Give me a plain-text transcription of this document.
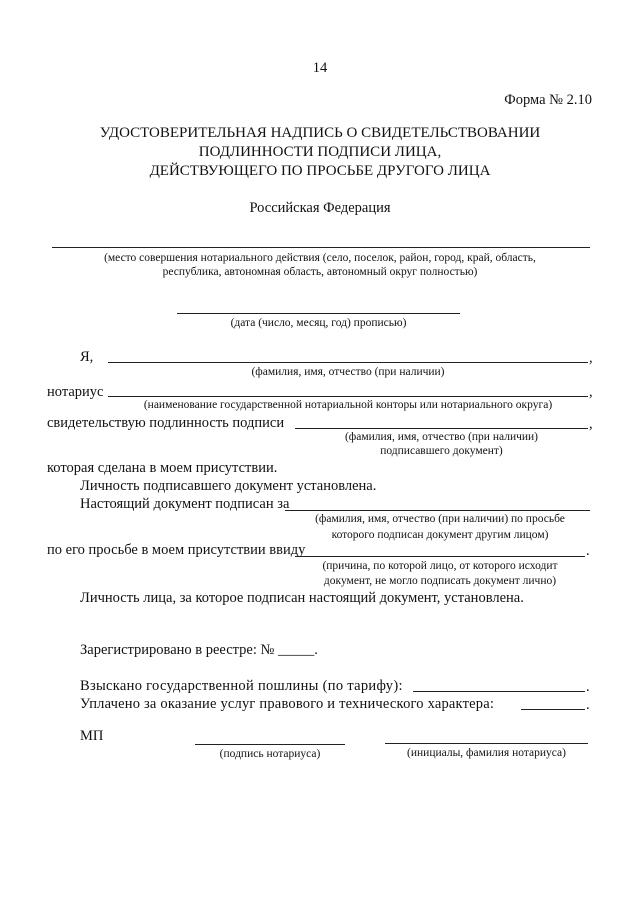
14
Форма № 2.10
УДОСТОВЕРИТЕЛЬНАЯ НАДПИСЬ О СВИДЕТЕЛЬСТВОВАНИИ
ПОДЛИННОСТИ ПОДПИСИ ЛИЦА,
ДЕЙСТВУЮЩЕГО ПО ПРОСЬБЕ ДРУГОГО ЛИЦА
Российская Федерация
(место совершения нотариального действия (село, поселок, район, город, край, область,
республика, автономная область, автономный округ полностью)
(дата (число, месяц, год) прописью)
Я,	,
(фамилия, имя, отчество (при наличии)
нотариус	,
(наименование государственной нотариальной конторы или нотариального округа)
свидетельствую подлинность подписи	,
(фамилия, имя, отчество (при наличии)
подписавшего документ)
которая сделана в моем присутствии.
Личность подписавшего документ установлена.
Настоящий документ подписан за
(фамилия, имя, отчество (при наличии) по просьбе
которого подписан документ другим лицом)
по его просьбе в моем присутствии ввиду	.
(причина, по которой лицо, от которого исходит
документ, не могло подписать документ лично)
Личность лица, за которое подписан настоящий документ, установлена.
Зарегистрировано в реестре: № _____.
Взыскано государственной пошлины (по тарифу):	.
Уплачено за оказание услуг правового и технического характера:	.
МП
(подпись нотариуса)	(инициалы, фамилия нотариуса)
